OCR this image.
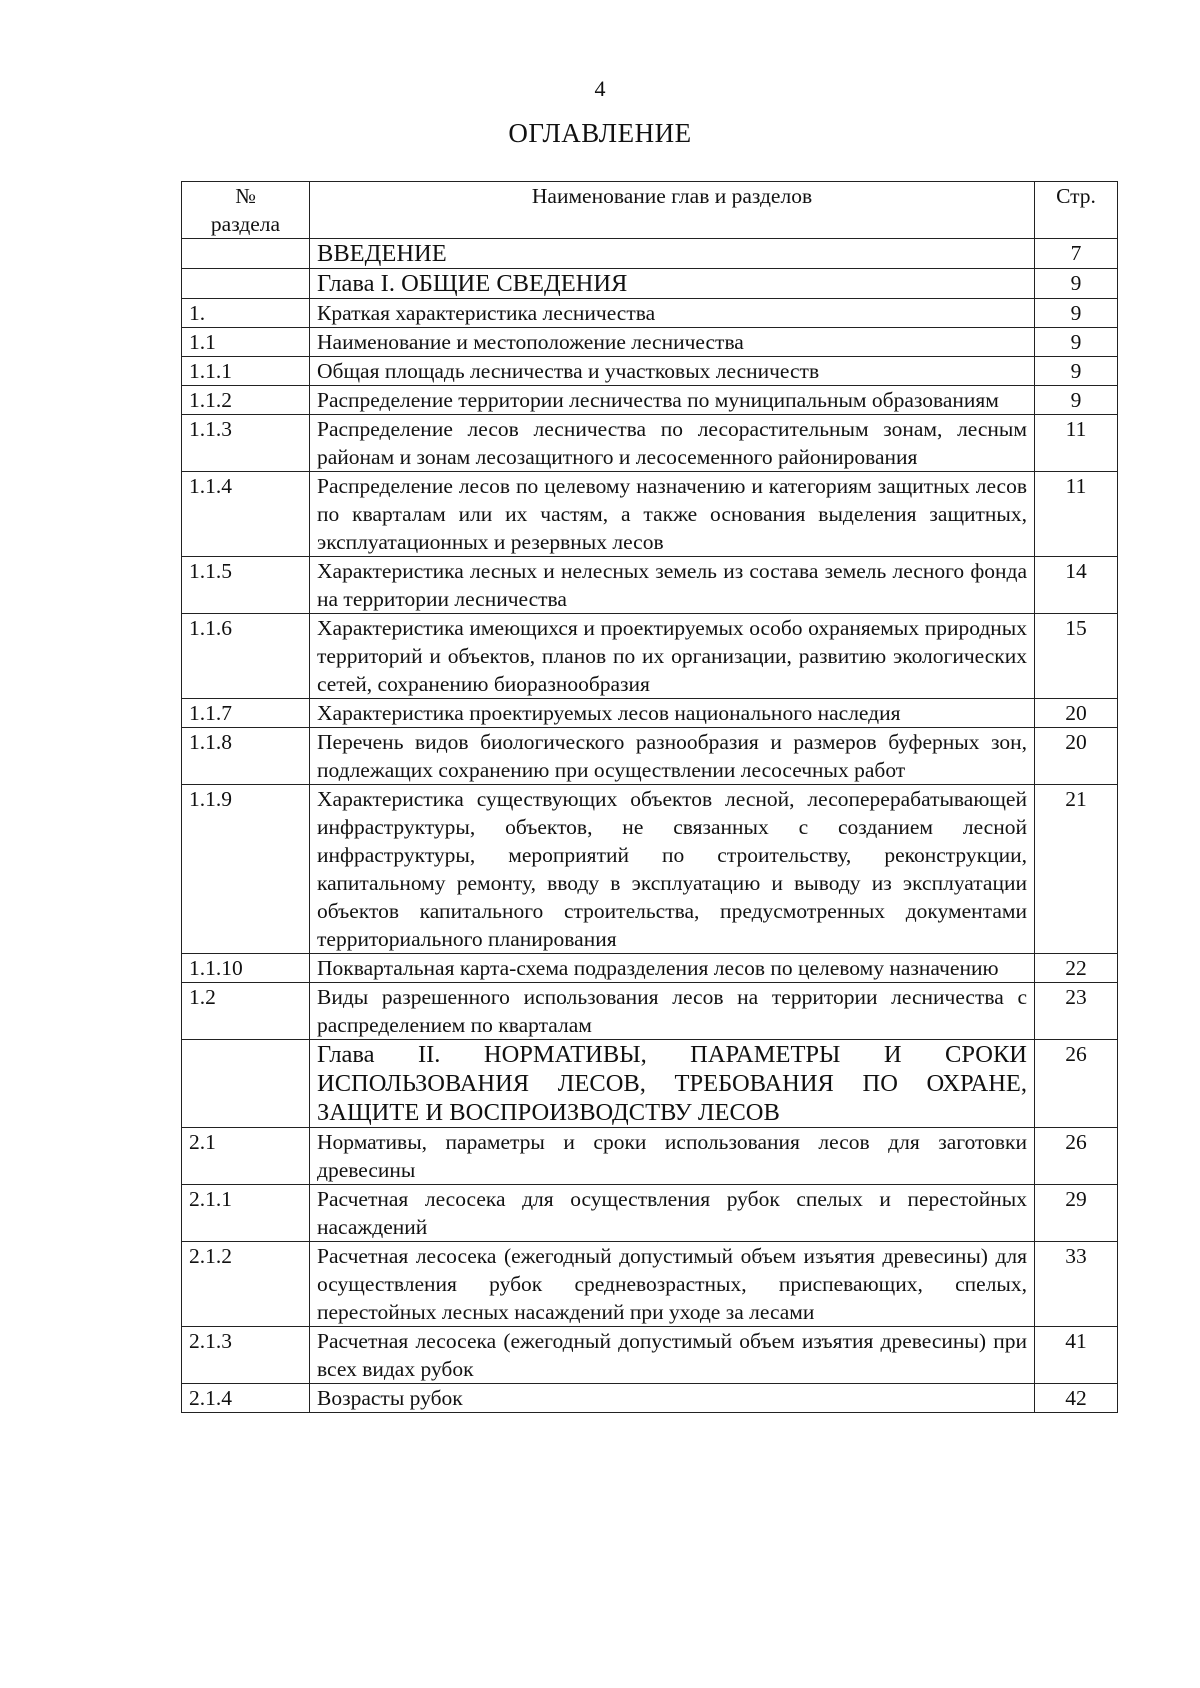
4
ОГЛАВЛЕНИЕ
№
раздела	Наименование глав и разделов	Стр.
	ВВЕДЕНИЕ	7
	Глава I. ОБЩИЕ СВЕДЕНИЯ	9
1.	Краткая характеристика лесничества	9
1.1	Наименование и местоположение лесничества	9
1.1.1	Общая площадь лесничества и участковых лесничеств	9
1.1.2	Распределение территории лесничества по муниципальным образованиям	9
1.1.3	Распределение лесов лесничества по лесорастительным зонам, лесным районам и зонам лесозащитного и лесосеменного районирования	11
1.1.4	Распределение лесов по целевому назначению и категориям защитных лесов по кварталам или их частям, а также основания выделения защитных, эксплуатационных и резервных лесов	11
1.1.5	Характеристика лесных и нелесных земель из состава земель лесного фонда на территории лесничества	14
1.1.6	Характеристика имеющихся и проектируемых особо охраняемых природных территорий и объектов, планов по их организации, развитию экологических сетей, сохранению биоразнообразия	15
1.1.7	Характеристика проектируемых лесов национального наследия	20
1.1.8	Перечень видов биологического разнообразия и размеров буферных зон, подлежащих сохранению при осуществлении лесосечных работ	20
1.1.9	Характеристика существующих объектов лесной, лесоперерабатывающей инфраструктуры, объектов, не связанных с созданием лесной инфраструктуры, мероприятий по строительству, реконструкции, капитальному ремонту, вводу в эксплуатацию и выводу из эксплуатации объектов капитального строительства, предусмотренных документами территориального планирования	21
1.1.10	Поквартальная карта-схема подразделения лесов по целевому назначению	22
1.2	Виды разрешенного использования лесов на территории лесничества с распределением по кварталам	23
	Глава II. НОРМАТИВЫ, ПАРАМЕТРЫ И СРОКИ ИСПОЛЬЗОВАНИЯ ЛЕСОВ, ТРЕБОВАНИЯ ПО ОХРАНЕ, ЗАЩИТЕ И ВОСПРОИЗВОДСТВУ ЛЕСОВ	26
2.1	Нормативы, параметры и сроки использования лесов для заготовки древесины	26
2.1.1	Расчетная лесосека для осуществления рубок спелых и перестойных насаждений	29
2.1.2	Расчетная лесосека (ежегодный допустимый объем изъятия древесины) для осуществления рубок средневозрастных, приспевающих, спелых, перестойных лесных насаждений при уходе за лесами	33
2.1.3	Расчетная лесосека (ежегодный допустимый объем изъятия древесины) при всех видах рубок	41
2.1.4	Возрасты рубок	42
